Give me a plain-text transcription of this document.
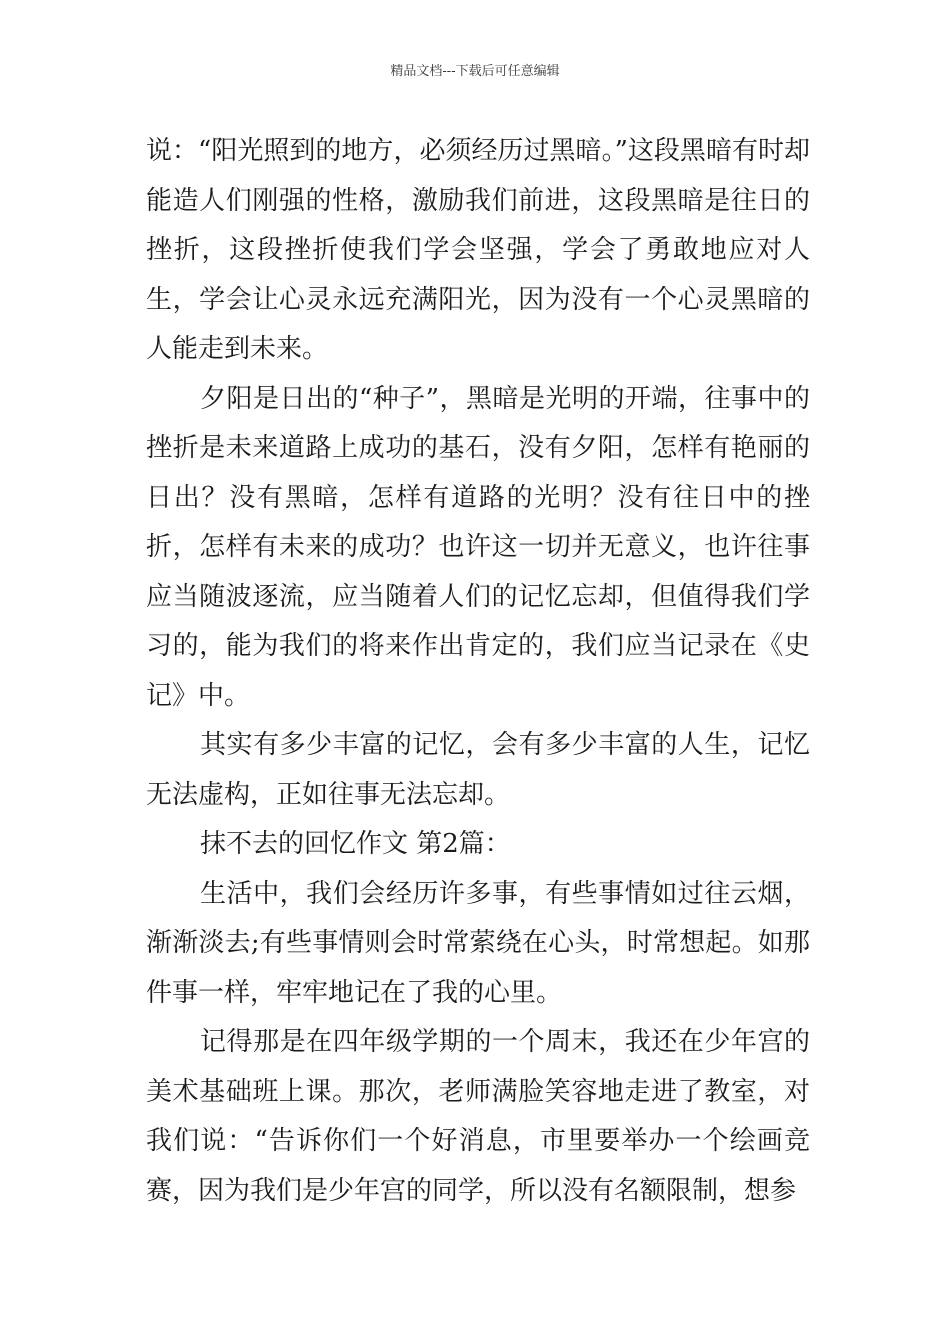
精品文档---下载后可任意编辑

说：“阳光照到的地方，必须经历过黑暗。”这段黑暗有时却能造人们刚强的性格，激励我们前进，这段黑暗是往日的挫折，这段挫折使我们学会坚强，学会了勇敢地应对人生，学会让心灵永远充满阳光，因为没有一个心灵黑暗的人能走到未来。

夕阳是日出的“种子”，黑暗是光明的开端，往事中的挫折是未来道路上成功的基石，没有夕阳，怎样有艳丽的日出？没有黑暗，怎样有道路的光明？没有往日中的挫折，怎样有未来的成功？也许这一切并无意义，也许往事应当随波逐流，应当随着人们的记忆忘却，但值得我们学习的，能为我们的将来作出肯定的，我们应当记录在《史记》中。

其实有多少丰富的记忆，会有多少丰富的人生，记忆无法虚构，正如往事无法忘却。

抹不去的回忆作文 第2篇：

生活中，我们会经历许多事，有些事情如过往云烟，渐渐淡去;有些事情则会时常萦绕在心头，时常想起。如那件事一样，牢牢地记在了我的心里。

记得那是在四年级学期的一个周末，我还在少年宫的美术基础班上课。那次，老师满脸笑容地走进了教室，对我们说：“告诉你们一个好消息，市里要举办一个绘画竞赛，因为我们是少年宫的同学，所以没有名额限制，想参
